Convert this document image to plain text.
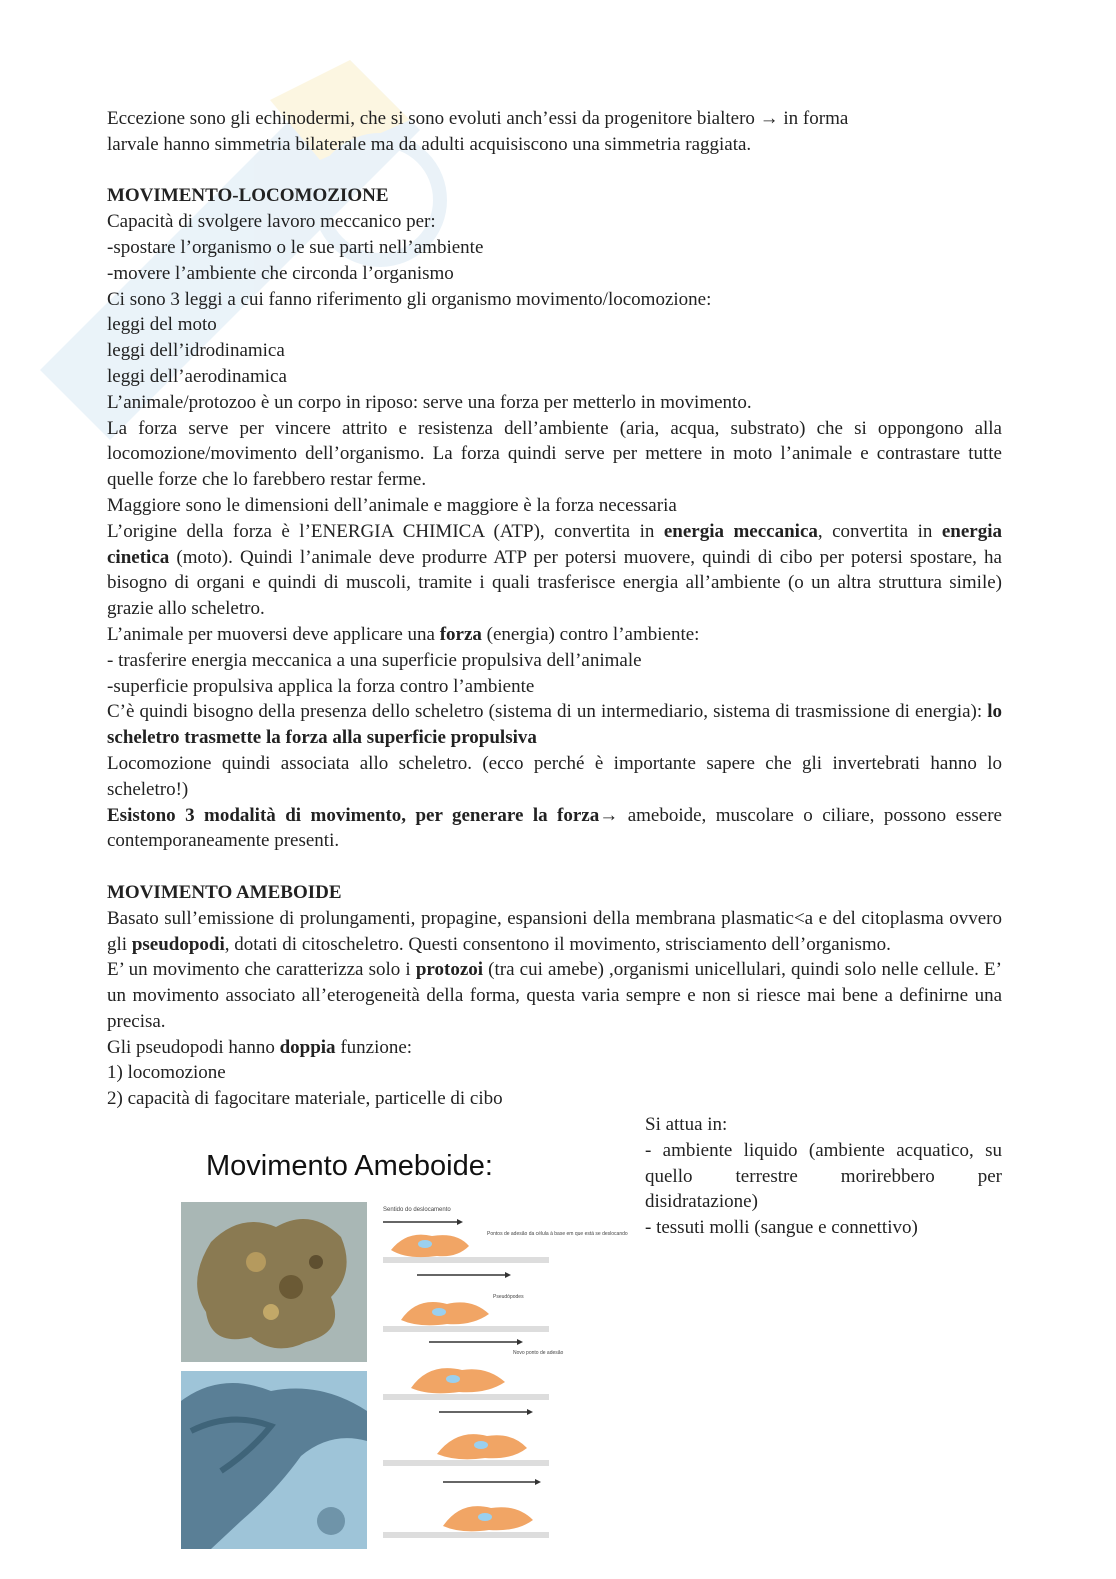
Eccezione sono gli echinodermi, che si sono evoluti anch’essi da progenitore bialtero → in forma

larvale hanno simmetria bilaterale ma da adulti acquisiscono una simmetria raggiata.

MOVIMENTO-LOCOMOZIONE

Capacità di svolgere lavoro meccanico per:

-spostare l’organismo o le sue parti nell’ambiente

-movere l’ambiente che circonda l’organismo

Ci sono 3 leggi a cui fanno riferimento gli organismo movimento/locomozione:

leggi del moto

leggi dell’idrodinamica

leggi dell’aerodinamica

L’animale/protozoo è un corpo in riposo: serve una forza per metterlo in movimento.

La forza serve per vincere attrito e resistenza dell’ambiente (aria, acqua, substrato) che si oppongono alla locomozione/movimento dell’organismo. La forza quindi serve per mettere in moto l’animale e contrastare tutte quelle forze che lo farebbero restar ferme.

Maggiore sono le dimensioni dell’animale e maggiore è la forza necessaria

L’origine della forza è l’ENERGIA CHIMICA (ATP), convertita in energia meccanica, convertita in energia cinetica (moto). Quindi l’animale deve produrre ATP per potersi muovere, quindi di cibo per potersi spostare, ha bisogno di organi e quindi di muscoli, tramite i quali trasferisce energia all’ambiente (o un altra struttura simile) grazie allo scheletro.

L’animale per muoversi deve applicare una forza (energia) contro l’ambiente:

- trasferire energia meccanica a una superficie propulsiva dell’animale

-superficie propulsiva applica la forza contro l’ambiente

C’è quindi bisogno della presenza dello scheletro (sistema di un intermediario, sistema di trasmissione di energia): lo scheletro trasmette la forza alla superficie propulsiva

Locomozione quindi associata allo scheletro. (ecco perché è importante sapere che gli invertebrati hanno lo scheletro!)

Esistono 3 modalità di movimento, per generare la forza→ ameboide, muscolare o ciliare, possono essere contemporaneamente presenti.

MOVIMENTO AMEBOIDE

Basato sull’emissione di prolungamenti, propagine, espansioni della membrana plasmatic<a e del citoplasma ovvero gli pseudopodi, dotati di citoscheletro. Questi consentono il movimento, strisciamento dell’organismo.

E’ un movimento che caratterizza solo i protozoi (tra cui amebe) ,organismi unicellulari, quindi solo nelle cellule. E’ un movimento associato all’eterogeneità della forma, questa varia sempre e non si riesce mai bene a definirne una precisa.

Gli pseudopodi hanno doppia funzione:

1) locomozione

2) capacità di fagocitare materiale, particelle di cibo

Si attua in:

- ambiente liquido (ambiente acquatico, su quello terrestre morirebbero per disidratazione)

- tessuti molli (sangue e connettivo)

Movimento Ameboide:
Sentido do deslocamento
Pontos de adesão da célula à base em que está se deslocando
Pseudópodes
Novo ponto de adesão
